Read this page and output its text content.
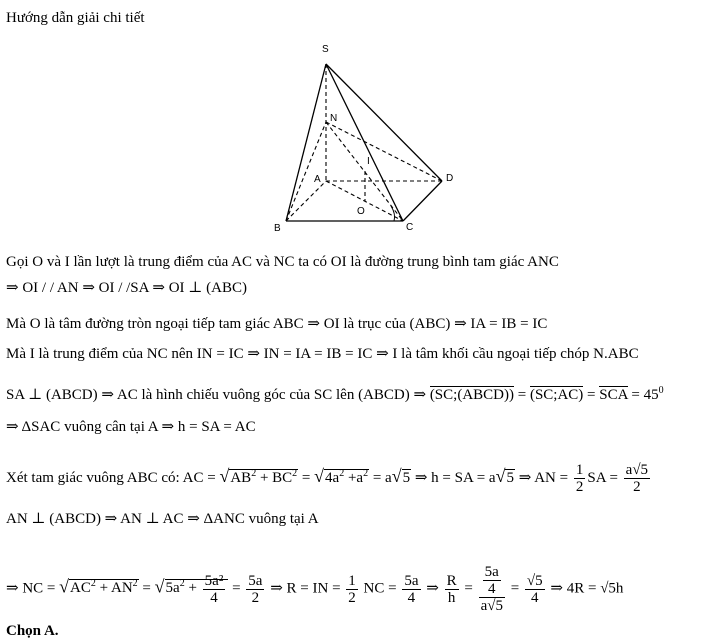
Hướng dẫn giải chi tiết
S
N
I
A	D
B
O
C
Gọi O và I lần lượt là trung điểm của AC và NC ta có OI là đường trung bình tam giác ANC
⇒ OI / / AN ⇒ OI / /SA ⇒ OI ⊥ (ABC)
Mà O là tâm đường tròn ngoại tiếp tam giác ABC ⇒ OI là trục của (ABC) ⇒ IA = IB = IC
Mà I là trung điểm của NC nên IN = IC ⇒ IN = IA = IB = IC ⇒ I là tâm khối cầu ngoại tiếp chóp N.ABC
SA ⊥ (ABCD) ⇒ AC là hình chiếu vuông góc của SC lên (ABCD) ⇒ (SC;(ABCD)) = (SC;AC) = SCA = $45^0$
⇒ ΔSAC vuông cân tại A ⇒ h = SA = AC
Xét tam giác vuông ABC có: AC = $√AB^2 + BC^2 = √4a^2 +a^2 = a√5$ ⇒ h = SA = a√5 ⇒ AN = $\frac{1}{2}$ SA = $\frac{a√5}{2}$
AN ⊥ (ABCD) ⇒ AN ⊥ AC ⇒ ΔANC vuông tại A
⇒ NC = $√AC^2 + AN^2 = √5a^2 + \frac{\text{5a²}}{4} = \frac{5a}{2}$ ⇒ R = IN = $\frac{1}{2}$ NC = $\frac{5a}{4}$ ⇒ $\frac{R}{h} = \frac{\frac{5a}{4}}{a√5} = \frac{√5}{4}$ ⇒ 4R = √5h
Chọn A.
